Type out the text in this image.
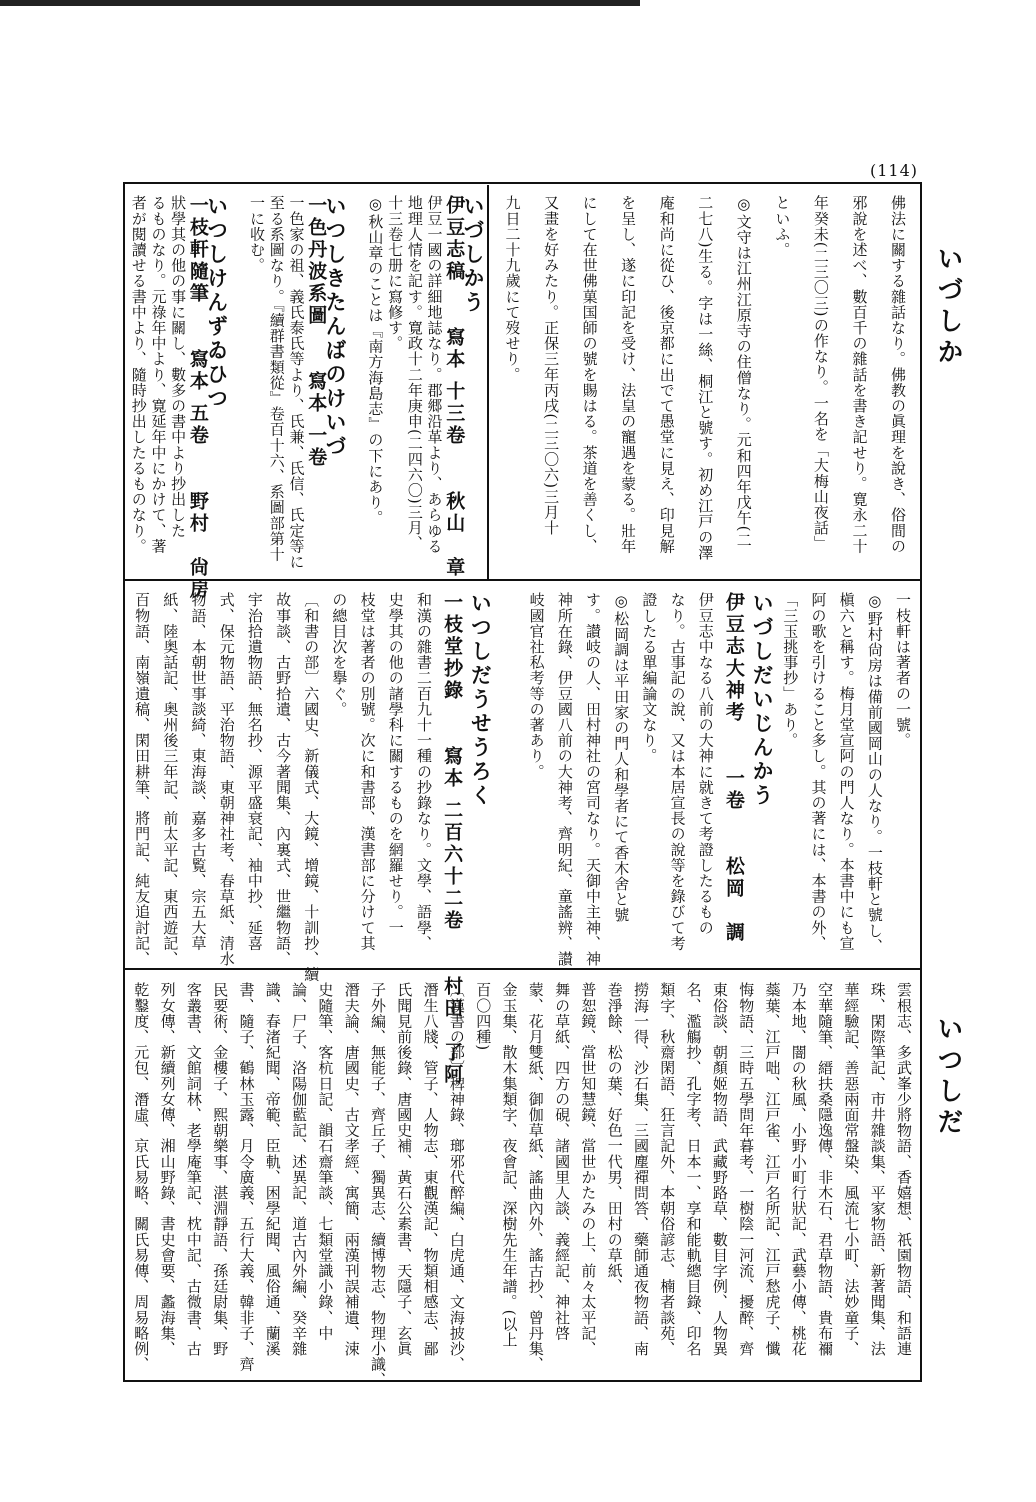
(114)
いづしか
いつしだ
佛法に關する雜話なり。佛教の眞理を說き、俗間の
邪說を述べ、數百千の雜話を書き記せり。寛永二十
年癸未(二三〇三)の作なり。一名を「大梅山夜話」
といふ。
◎文守は江州江原寺の住僧なり。元和四年戊午(二
二七八)生る。字は一絲、桐江と號す。初め江戸の澤
庵和尚に從ひ、後京都に出でて愚堂に見え、印見解
を呈し、遂に印記を受け、法皇の寵遇を蒙る。壯年
にして在世佛菓国師の號を賜はる。茶道を善くし、
又畫を好みたり。正保三年丙戌(二三〇六)三月十
九日二十九歲にて歿せり。
いづしかう
伊豆志稿　　寫本 十三卷　　秋山　章
伊豆一國の詳細地誌なり。郡郷沿革より、あらゆる
地理人情を記す。寛政十二年庚申(二四六〇)三月、
十三卷七册に寫修す。
◎秋山章のことは『南方海島志』の下にあり。
いつしきたんばのけいづ
一色丹波系圖　　寫本 一卷
一色家の祖、義氏泰氏等より、氏兼、氏信、氏定等に
至る系圖なり。『續群書類從』卷百十六、系圖部第十
一に收む。
いつしけんずゐひつ
一枝軒隨筆　　寫本 五卷　　野村　尙房
狀學其の他の事に關し、數多の書中より抄出した
るものなり。元祿年中より、寛延年中にかけて、著
者が閱讀せる書中より、隨時抄出したるものなり。
一枝軒は著者の一號。
◎野村尙房は備前國岡山の人なり。一枝軒と號し、
槇六と稱す。梅月堂宣阿の門人なり。本書中にも宣
阿の歌を引けること多し。其の著には、本書の外、
「三玉挑事抄」あり。
いづしだいじんかう
伊豆志大神考　　一卷　　松岡　調
伊豆志中なる八前の大神に就きて考證したるもの
なり。古事記の說、又は本居宣長の說等を錄びて考
證したる單編論文なり。
◎松岡調は平田家の門人和學者にて香木舍と號
す。讃岐の人、田村神社の宮司なり。天御中主神、神
神所在錄、伊豆國八前の大神考、齊明紀、童謠辨、讃
岐國官社私考等の著あり。
いつしだうせうろく
一枝堂抄錄　　寫本 二百六十二卷　　村田　了阿
和漢の雜書二百九十一種の抄錄なり。文學、語學、
史學其の他の諸學科に關するものを網羅せり。一
枝堂は著者の別號。次に和書部、漢書部に分けて其
の總目次を擧ぐ。
〔和書の部〕六國史、新儀式、大鏡、增鏡、十訓抄、續
故事談、古野拾遺、古今著聞集、內裏式、世繼物語、
宇治拾遺物語、無名抄、源平盛衰記、袖中抄、延喜
式、保元物語、平治物語、東朝神社考、春草紙、清水
物語、本朝世事談綺、東海談、嘉多古覧、宗五大草
紙、陸奥話記、奥州後三年記、前太平記、東西遊記、
百物語、南嶺遺稿、閑田耕筆、將門記、純友追討記、
雲根志、多武峯少將物語、香嬉想、祇園物語、和語連
珠、閑際筆記、市井雜談集、平家物語、新著聞集、法
華經驗記、善惡兩面常盤染、風流七小町、法妙童子、
空華隨筆、縉扶桑隱逸傳、非木石、君草物語、貴布禰
乃本地、闇の秋風、小野小町行狀記、武藝小傳、桃花
蘂葉、江戸咄、江戸雀、江戸名所記、江戸愁虎子、懺
悔物語、三時五學問年暮考、一樹陰一河流、擾醉、齊
東俗談、朝顏姬物語、武藏野路草、數目字例、人物異
名、濫觴抄、孔字考、日本一、享和能軌總目錄、印名
類字、秋齋閑語、狂言記外、本朝俗諺志、楠者談苑、
撈海一得、沙石集、三國塵禪問答、藥師通夜物語、南
巻淨餘、松の葉、好色一代男、田村の草紙、
普恕鏡、當世知慧鏡、當世かたみの上、前々太平記、
舞の草紙、四方の硯、諸國里人談、義經記、神社啓
蒙、花月雙紙、御伽草紙、謠曲內外、謠古抄、曾丹集、
金玉集、散木集類字、夜會記、深樹先生年譜。(以上
百〇四種)
〔漢書の部〕稗神錄、瑯邪代醉編、白虎通、文海披沙、
潛生八牋、管子、人物志、東觀漢記、物類相感志、鄙
氏聞見前後錄、唐國史補、黃石公素書、天隱子、玄眞
子外編、無能子、齊丘子、獨異志、續博物志、物理小識、
潛夫論、唐國史、古文孝經、寓簡、兩漢刊誤補遺、涑
史隨筆、客杭日記、韻石齋筆談、七類堂識小錄、中
論、尸子、洛陽伽藍記、述異記、道古內外編、癸辛雜
識、春渚紀聞、帝範、臣軌、困學紀聞、風俗通、蘭溪
書、隨子、鶴林玉露、月令廣義、五行大義、韓非子、齊
民要術、金樓子、熙朝樂事、湛淵靜語、孫廷尉集、野
客叢書、文館詞林、老學庵筆記、枕中記、古微書、古
列女傳、新續列女傳、湘山野錄、書史會要、蠡海集、
乾鑿度、元包、潛虛、京氏易略、關氏易傳、周易略例、
